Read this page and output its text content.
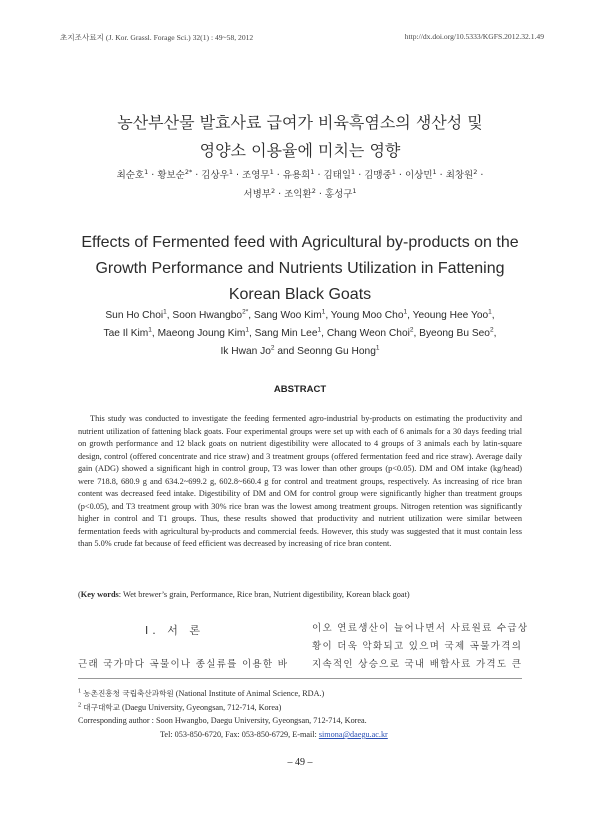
초지조사료지 (J. Kor. Grassl. Forage Sci.) 32(1) : 49~58, 2012	http://dx.doi.org/10.5333/KGFS.2012.32.1.49
농산부산물 발효사료 급여가 비육흑염소의 생산성 및
영양소 이용율에 미치는 영향
최순호$^1$ · 황보순$^{2*}$ · 김상우$^1$ · 조영무$^1$ · 유용희$^1$ · 김태일$^1$ · 김맹중$^1$ · 이상민$^1$ · 최창원$^2$ ·
서병부$^2$ · 조익환$^2$ · 홍성구$^1$
Effects of Fermented feed with Agricultural by-products on the
Growth Performance and Nutrients Utilization in Fattening
Korean Black Goats
Sun Ho Choi$^1$, Soon Hwangbo$^{2*}$, Sang Woo Kim$^1$, Young Moo Cho$^1$, Yeoung Hee Yoo$^1$,
Tae Il Kim$^1$, Maeong Joung Kim$^1$, Sang Min Lee$^1$, Chang Weon Choi$^2$, Byeong Bu Seo$^2$,
Ik Hwan Jo$^2$ and Seonng Gu Hong$^1$
ABSTRACT

This study was conducted to investigate the feeding fermented agro-industrial by-products on estimating the productivity and nutrient utilization of fattening black goats. Four experimental groups were set up with each of 6 animals for a 30 days feeding trial on growth performance and 12 black goats on nutrient digestibility were allocated to 4 groups of 3 animals each by latin-square design, control (offered concentrate and rice straw) and 3 treatment groups (offered fermentation feed and rice straw). Average daily gain (ADG) showed a significant high in control group, T3 was lower than other groups (p<0.05). DM and OM intake (kg/head) were 718.8, 680.9 g and 634.2~699.2 g, 602.8~660.4 g for control and treatment groups, respectively. As increasing of rice bran content was decreased feed intake. Digestibility of DM and OM for control group were significantly higher than treatment groups (p<0.05), and T3 treatment group with 30% rice bran was the lowest among treatment groups. Nitrogen retention was significantly higher in control and T1 groups. Thus, these results showed that productivity and nutrient utilization were similar between fermentation feeds with agricultural by-products and commercial feeds. However, this study was suggested that it must contain less than 5.0% crude fat because of feed efficient was decreased by increasing of rice bran content.

(Key words: Wet brewer’s grain, Performance, Rice bran, Nutrient digestibility, Korean black goat)
Ⅰ. 서 론
근래 국가마다 곡물이나 종실류를 이용한 바
이오 연료생산이 늘어나면서 사료원료 수급상
황이 더욱 악화되고 있으며 국제 곡물가격의
지속적인 상승으로 국내 배합사료 가격도 큰
$^1$ 농촌진흥청 국립축산과학원 (National Institute of Animal Science, RDA.)
$^2$ 대구대학교 (Daegu University, Gyeongsan, 712-714, Korea)
Corresponding author : Soon Hwangbo, Daegu University, Gyeongsan, 712-714, Korea.
Tel: 053-850-6720, Fax: 053-850-6729, E-mail: simona@daegu.ac.kr
– 49 –
